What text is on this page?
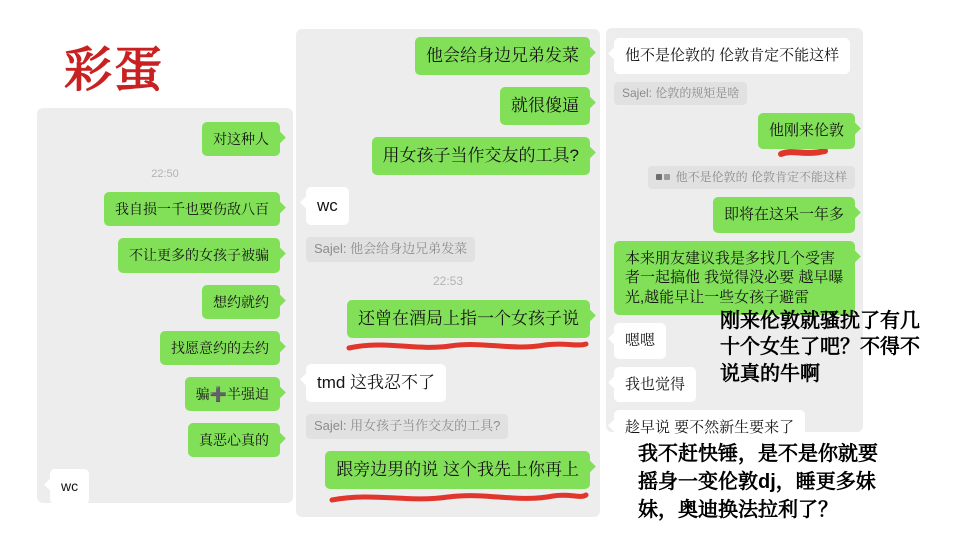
彩蛋
对这种人
22:50
我自损一千也要伤敌八百
不让更多的女孩子被骗
想约就约
找愿意约的去约
骗➕半强迫
真恶心真的
wc
他会给身边兄弟发菜
就很傻逼
用女孩子当作交友的工具?
wc
Sajel: 他会给身边兄弟发菜
22:53
还曾在酒局上指一个女孩子说
tmd 这我忍不了
Sajel: 用女孩子当作交友的工具?
跟旁边男的说 这个我先上你再上
他不是伦敦的 伦敦肯定不能这样
Sajel: 伦敦的规矩是啥
他刚来伦敦
他不是伦敦的 伦敦肯定不能这样
即将在这呆一年多
本来朋友建议我是多找几个受害者一起搞他 我觉得没必要 越早曝光,越能早让一些女孩子避雷
嗯嗯
我也觉得
趁早说 要不然新生要来了
刚来伦敦就骚扰了有几十个女生了吧？不得不说真的牛啊
我不赶快锤，是不是你就要摇身一变伦敦dj，睡更多妹妹，奥迪换法拉利了？
